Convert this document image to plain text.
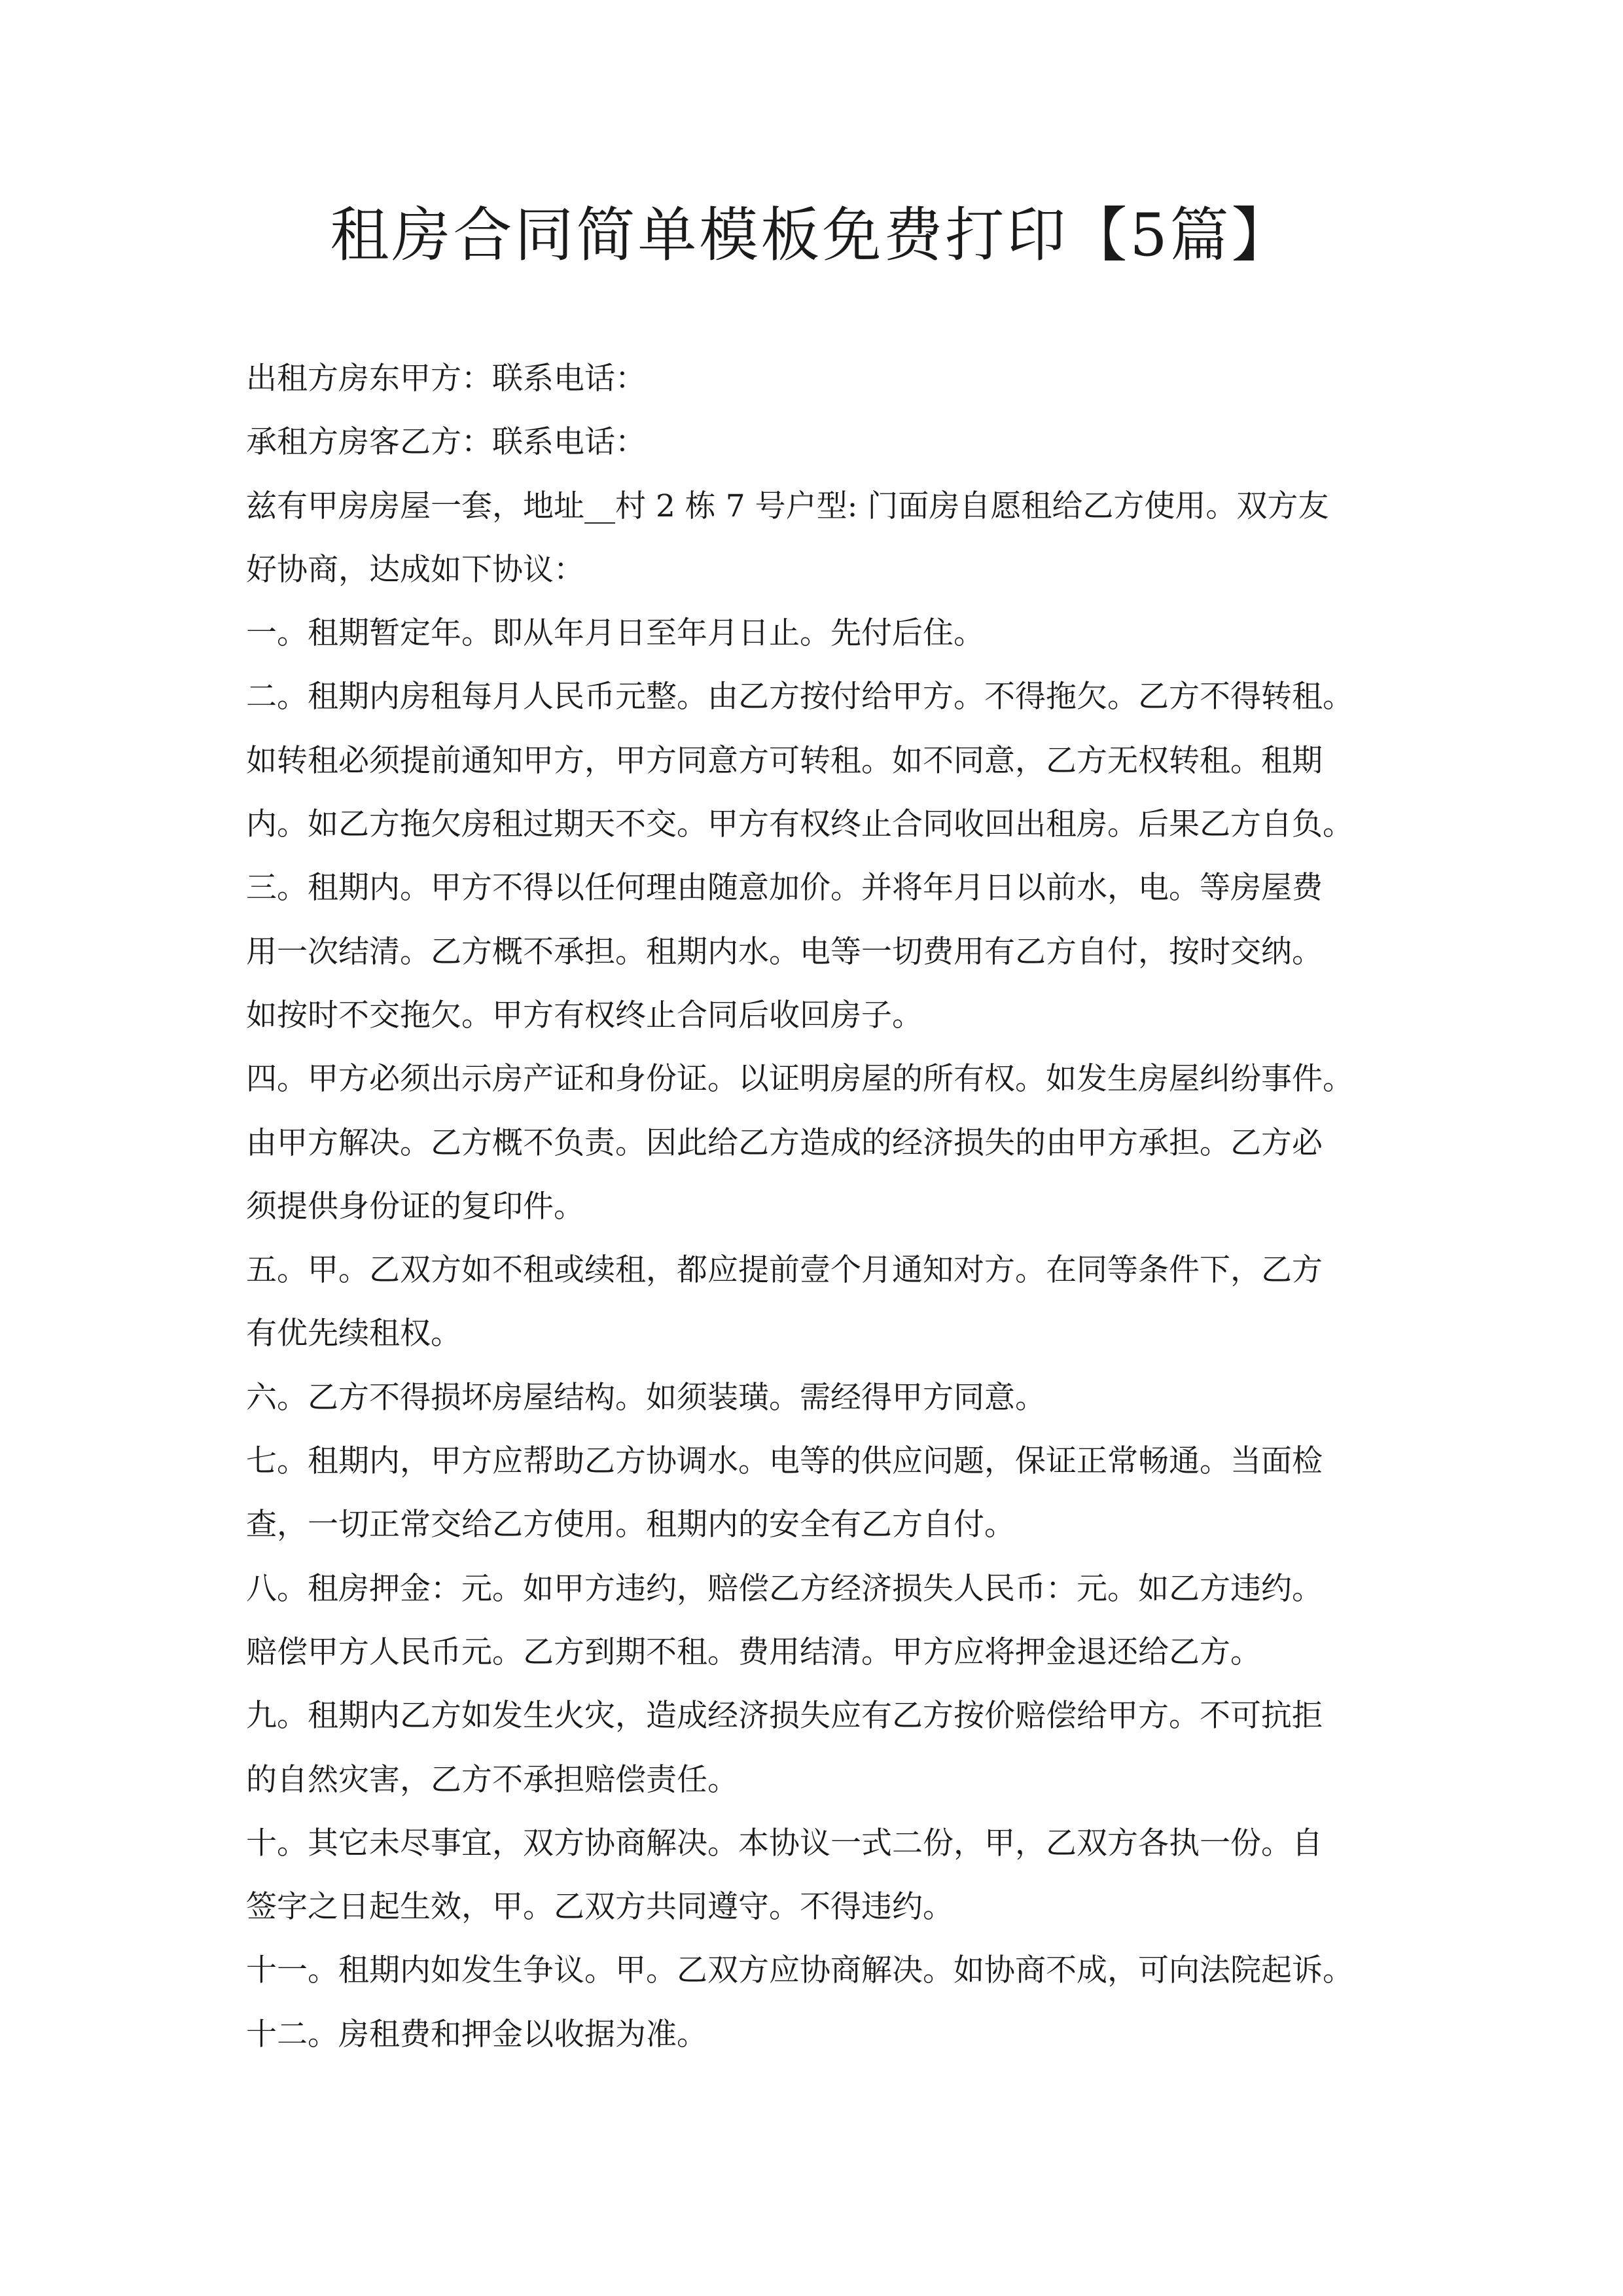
租房合同简单模板免费打印【5篇】
出租方房东甲方：联系电话：
承租方房客乙方：联系电话：
兹有甲房房屋一套，地址__村 2 栋 7 号户型: 门面房自愿租给乙方使用。双方友
好协商，达成如下协议：
一。租期暂定年。即从年月日至年月日止。先付后住。
二。租期内房租每月人民币元整。由乙方按付给甲方。不得拖欠。乙方不得转租。
如转租必须提前通知甲方，甲方同意方可转租。如不同意，乙方无权转租。租期
内。如乙方拖欠房租过期天不交。甲方有权终止合同收回出租房。后果乙方自负。
三。租期内。甲方不得以任何理由随意加价。并将年月日以前水，电。等房屋费
用一次结清。乙方概不承担。租期内水。电等一切费用有乙方自付，按时交纳。
如按时不交拖欠。甲方有权终止合同后收回房子。
四。甲方必须出示房产证和身份证。以证明房屋的所有权。如发生房屋纠纷事件。
由甲方解决。乙方概不负责。因此给乙方造成的经济损失的由甲方承担。乙方必
须提供身份证的复印件。
五。甲。乙双方如不租或续租，都应提前壹个月通知对方。在同等条件下，乙方
有优先续租权。
六。乙方不得损坏房屋结构。如须装璜。需经得甲方同意。
七。租期内，甲方应帮助乙方协调水。电等的供应问题，保证正常畅通。当面检
查，一切正常交给乙方使用。租期内的安全有乙方自付。
八。租房押金：元。如甲方违约，赔偿乙方经济损失人民币：元。如乙方违约。
赔偿甲方人民币元。乙方到期不租。费用结清。甲方应将押金退还给乙方。
九。租期内乙方如发生火灾，造成经济损失应有乙方按价赔偿给甲方。不可抗拒
的自然灾害，乙方不承担赔偿责任。
十。其它未尽事宜，双方协商解决。本协议一式二份，甲，乙双方各执一份。自
签字之日起生效，甲。乙双方共同遵守。不得违约。
十一。租期内如发生争议。甲。乙双方应协商解决。如协商不成，可向法院起诉。
十二。房租费和押金以收据为准。
